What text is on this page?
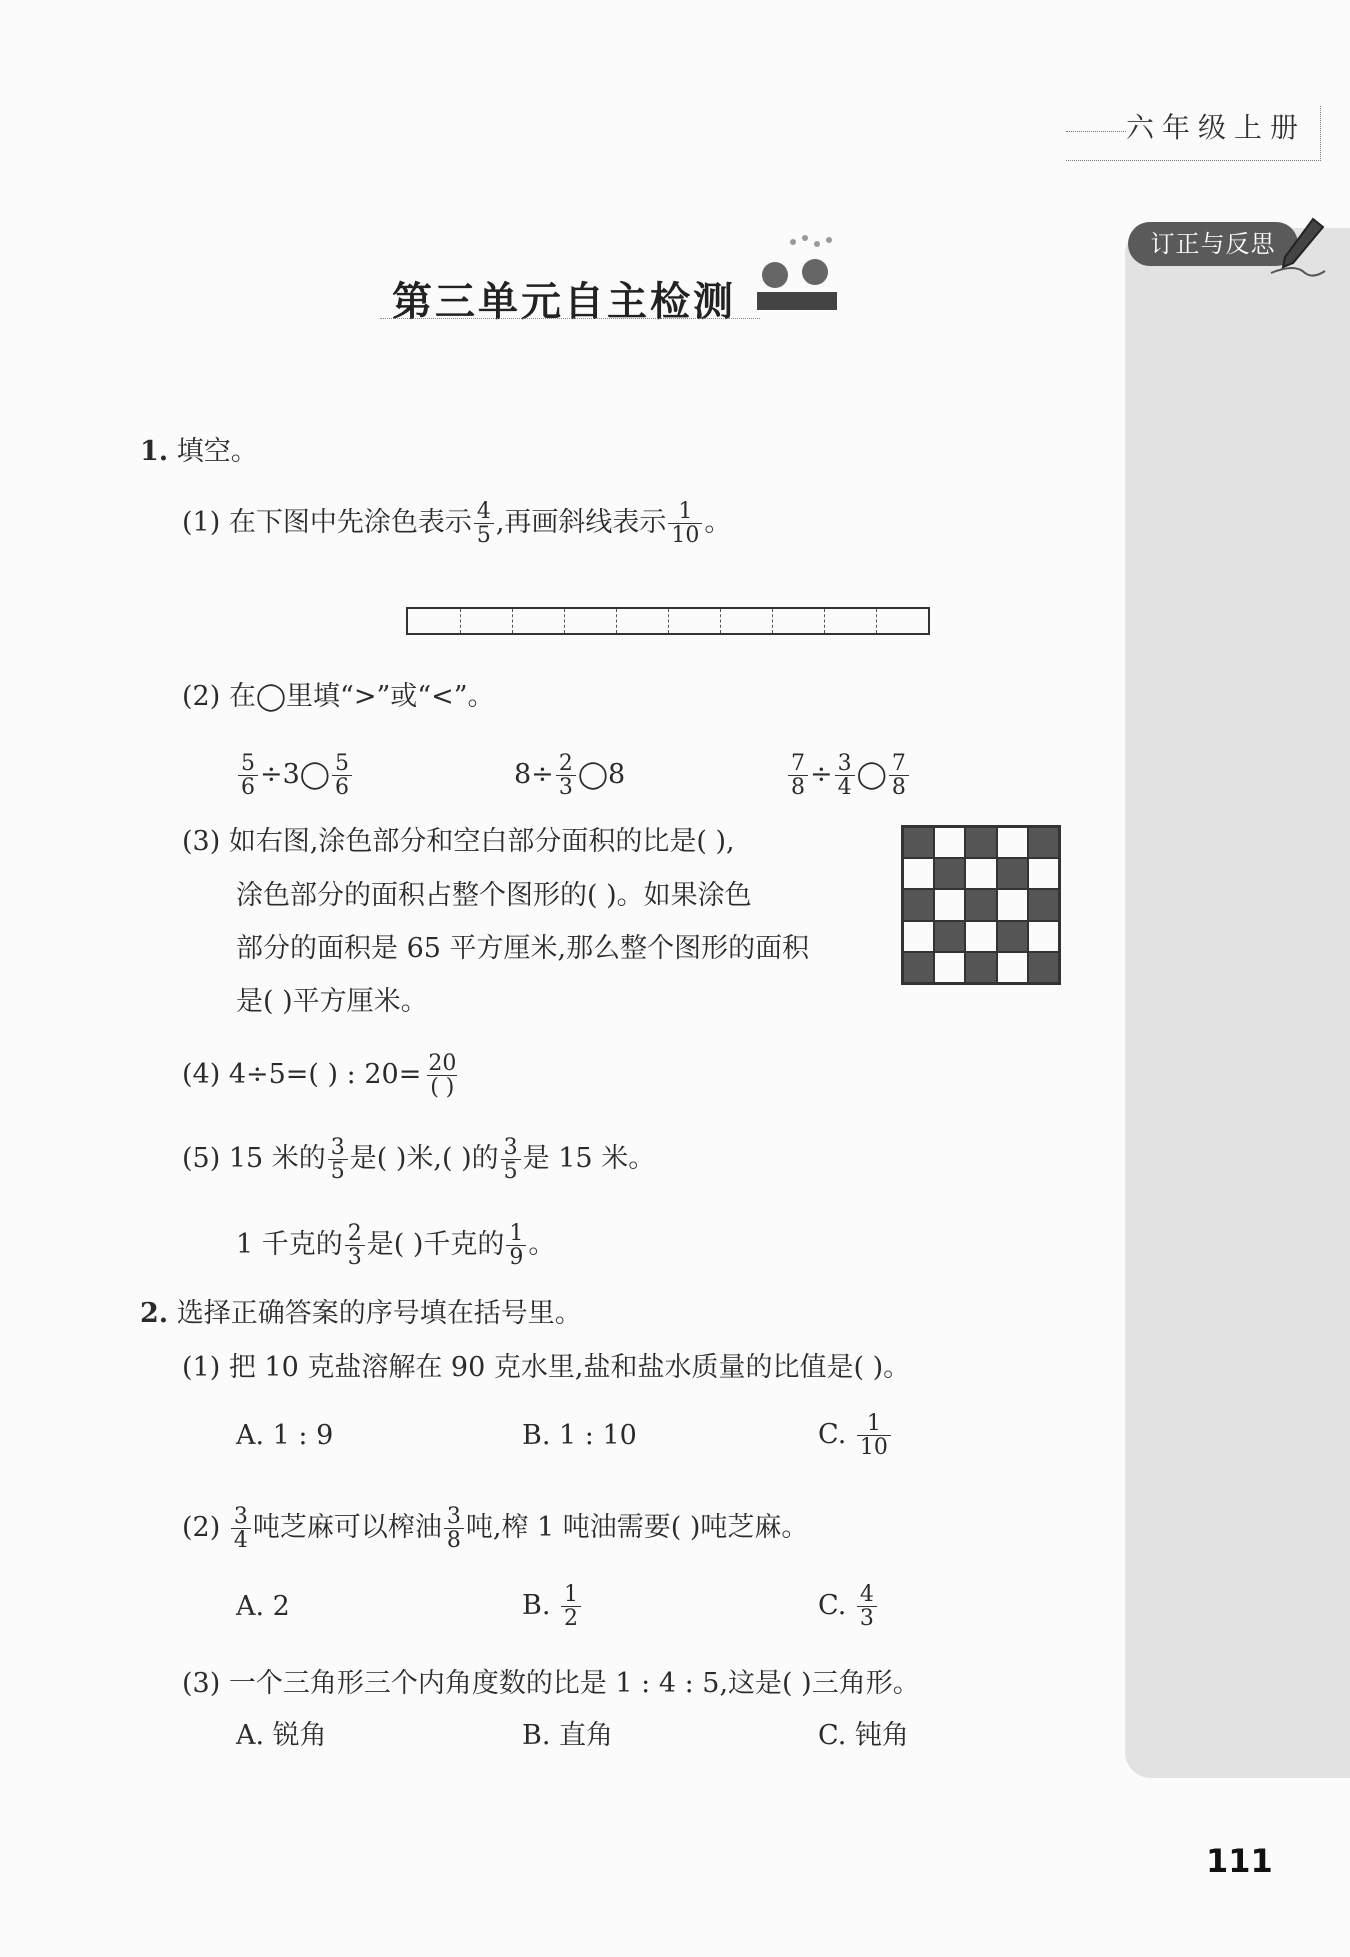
六年级上册
订正与反思
第三单元自主检测
1. 填空。
(1) 在下图中先涂色表示 $\frac{4}{5}$ ,再画斜线表示 $\frac{1}{10}$ 。
(2) 在◯里填“>”或“<”。
$\frac{5}{6}$ ÷3◯ $\frac{5}{6}$	$8\div \frac{2}{3}$ ◯8	$\frac{7}{8} \div \frac{3}{4}$ ◯ $\frac{7}{8}$
(3) 如右图,涂色部分和空白部分面积的比是( ),
涂色部分的面积占整个图形的( )。如果涂色
部分的面积是 65 平方厘米,那么整个图形的面积
是( )平方厘米。
(4) 4÷5=( ) : 20= 20
( )
(5) 15 米的 $\frac{3}{5}$ 是( )米,( )的 $\frac{3}{5}$ 是 15 米。
1 千克的 $\frac{2}{3}$ 是( )千克的 $\frac{1}{9}$ 。
2. 选择正确答案的序号填在括号里。
(1) 把 10 克盐溶解在 90 克水里,盐和盐水质量的比值是( )。
A. 1 : 9	B. 1 : 10	C. $\frac{1}{10}$
$(2) \frac{3}{4}$ 吨芝麻可以榨油 $\frac{3}{8}$ 吨,榨 1 吨油需要( )吨芝麻。
A. 2	B. $\frac{1}{2}$	C. $\frac{4}{3}$
(3) 一个三角形三个内角度数的比是 1 : 4 : 5,这是( )三角形。
A. 锐角	B. 直角	C. 钝角
111
